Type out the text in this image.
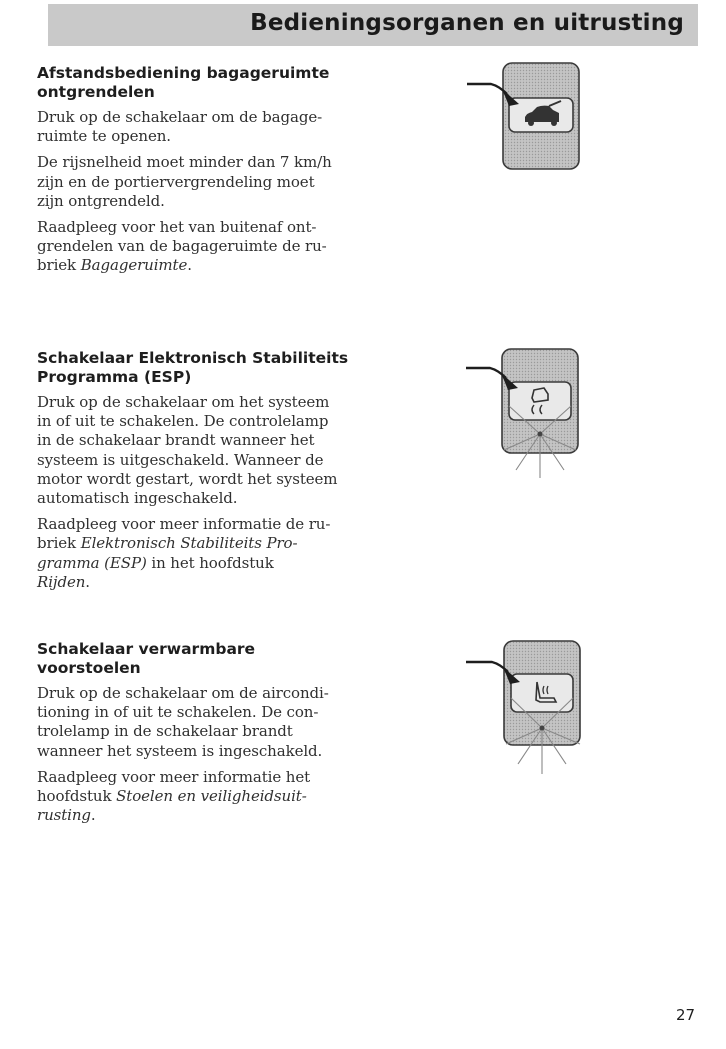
Bedieningsorganen en uitrusting
Afstandsbediening bagageruimte
ontgrendelen

Druk op de schakelaar om de bagage-
ruimte te openen.

De rijsnelheid moet minder dan 7 km/h
zijn en de portiervergrendeling moet
zijn ontgrendeld.

Raadpleeg voor het van buitenaf ont-
grendelen van de bagageruimte de ru-
briek Bagageruimte.

Schakelaar Elektronisch Stabiliteits
Programma (ESP)

Druk op de schakelaar om het systeem
in of uit te schakelen. De controlelamp
in de schakelaar brandt wanneer het
systeem is uitgeschakeld. Wanneer de
motor wordt gestart, wordt het systeem
automatisch ingeschakeld.

Raadpleeg voor meer informatie de ru-
briek Elektronisch Stabiliteits Pro-
gramma (ESP) in het hoofdstuk
Rijden.

Schakelaar verwarmbare
voorstoelen

Druk op de schakelaar om de aircondi-
tioning in of uit te schakelen. De con-
trolelamp in de schakelaar brandt
wanneer het systeem is ingeschakeld.

Raadpleeg voor meer informatie het
hoofdstuk Stoelen en veiligheidsuit-
rusting.

27
